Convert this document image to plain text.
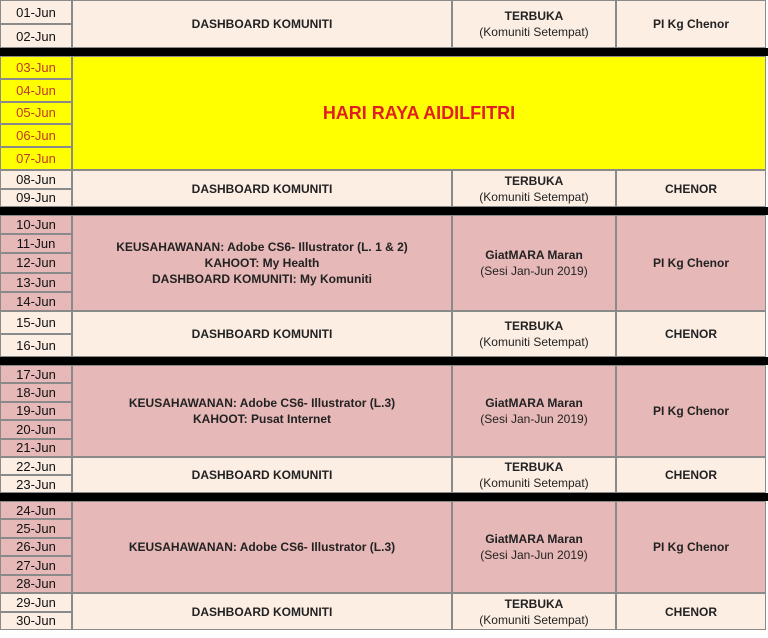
01-Jun
02-Jun
DASHBOARD KOMUNITI
TERBUKA
(Komuniti Setempat)
PI Kg Chenor
03-Jun
04-Jun
05-Jun
06-Jun
07-Jun
HARI RAYA AIDILFITRI
08-Jun
09-Jun
DASHBOARD KOMUNITI
TERBUKA
(Komuniti Setempat)
CHENOR
10-Jun
11-Jun
12-Jun
13-Jun
14-Jun
KEUSAHAWANAN: Adobe CS6- Illustrator (L. 1 & 2)
KAHOOT: My Health
DASHBOARD KOMUNITI: My Komuniti
GiatMARA Maran
(Sesi Jan-Jun 2019)
PI Kg Chenor
15-Jun
16-Jun
DASHBOARD KOMUNITI
TERBUKA
(Komuniti Setempat)
CHENOR
17-Jun
18-Jun
19-Jun
20-Jun
21-Jun
KEUSAHAWANAN: Adobe CS6- Illustrator (L.3)
KAHOOT: Pusat Internet
GiatMARA Maran
(Sesi Jan-Jun 2019)
PI Kg Chenor
22-Jun
23-Jun
DASHBOARD KOMUNITI
TERBUKA
(Komuniti Setempat)
CHENOR
24-Jun
25-Jun
26-Jun
27-Jun
28-Jun
KEUSAHAWANAN: Adobe CS6- Illustrator (L.3)
GiatMARA Maran
(Sesi Jan-Jun 2019)
PI Kg Chenor
29-Jun
30-Jun
DASHBOARD KOMUNITI
TERBUKA
(Komuniti Setempat)
CHENOR
